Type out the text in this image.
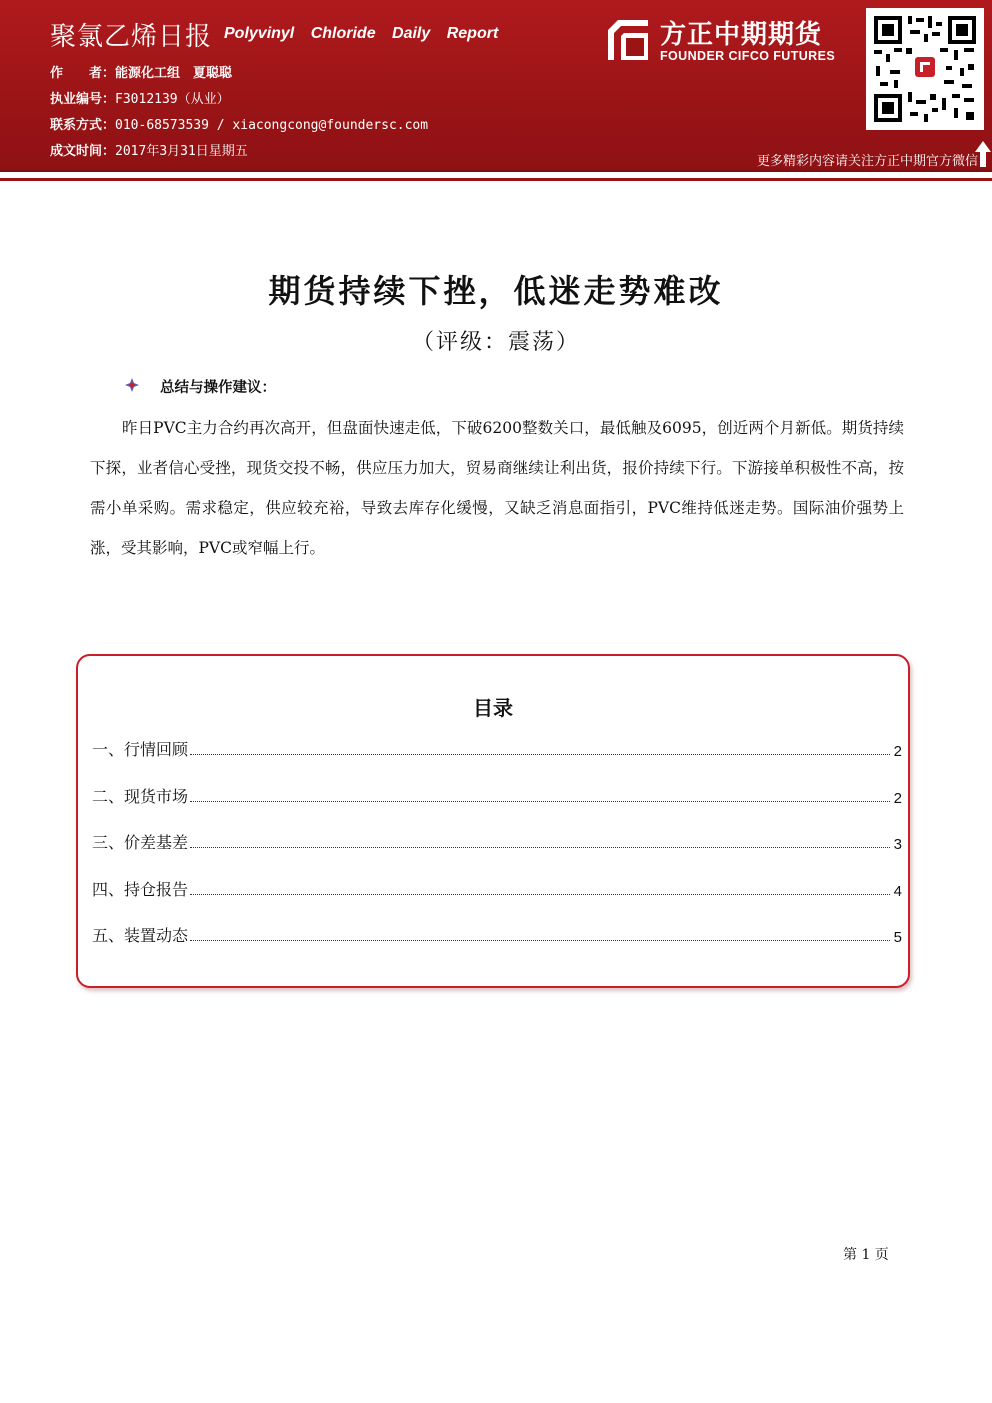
聚氯乙烯日报 Polyvinyl Chloride Daily Report
作　　者：能源化工组　夏聪聪
执业编号：F3012139（从业）
联系方式：010-68573539 / xiacongcong@foundersc.com
成文时间：2017年3月31日星期五
方正中期期货
FOUNDER CIFCO FUTURES
更多精彩内容请关注方正中期官方微信
期货持续下挫，低迷走势难改
（评级：震荡）
总结与操作建议：
昨日PVC主力合约再次高开，但盘面快速走低，下破6200整数关口，最低触及6095，创近两个月新低。期货持续下探，业者信心受挫，现货交投不畅，供应压力加大，贸易商继续让利出货，报价持续下行。下游接单积极性不高，按需小单采购。需求稳定，供应较充裕，导致去库存化缓慢，又缺乏消息面指引，PVC维持低迷走势。国际油价强势上涨，受其影响，PVC或窄幅上行。
目录
一、行情回顾	2
二、现货市场	2
三、价差基差	3
四、持仓报告	4
五、装置动态	5
第 1 页
